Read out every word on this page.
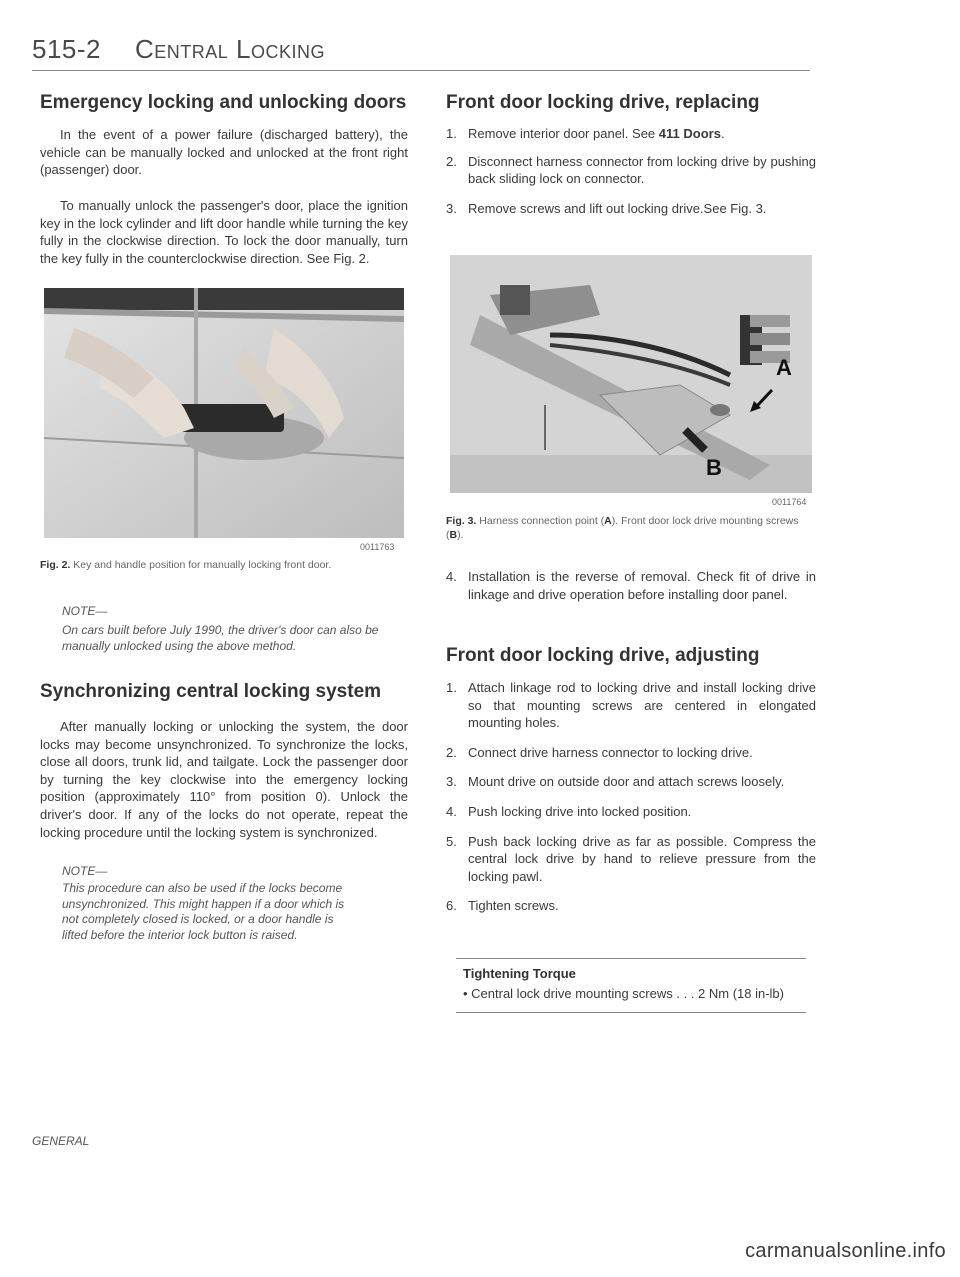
515-2 Central Locking
Emergency locking and unlocking doors
In the event of a power failure (discharged battery), the vehicle can be manually locked and unlocked at the front right (passenger) door.
To manually unlock the passenger's door, place the ignition key in the lock cylinder and lift door handle while turning the key fully in the clockwise direction. To lock the door manually, turn the key fully in the counterclockwise direction. See Fig. 2.
0011763
Fig. 2. Key and handle position for manually locking front door.
NOTE—
On cars built before July 1990, the driver's door can also be manually unlocked using the above method.
Synchronizing central locking system
After manually locking or unlocking the system, the door locks may become unsynchronized. To synchronize the locks, close all doors, trunk lid, and tailgate. Lock the passenger door by turning the key clockwise into the emergency locking position (approximately 110° from position 0). Unlock the driver's door. If any of the locks do not operate, repeat the locking procedure until the locking system is synchronized.
NOTE—
This procedure can also be used if the locks become unsynchronized. This might happen if a door which is not completely closed is locked, or a door handle is lifted before the interior lock button is raised.
GENERAL
Front door locking drive, replacing
1. Remove interior door panel. See 411 Doors.
2. Disconnect harness connector from locking drive by pushing back sliding lock on connector.
3. Remove screws and lift out locking drive.See Fig. 3.
A
B
0011764
Fig. 3. Harness connection point (A). Front door lock drive mounting screws (B).
4. Installation is the reverse of removal. Check fit of drive in linkage and drive operation before installing door panel.
Front door locking drive, adjusting
1. Attach linkage rod to locking drive and install locking drive so that mounting screws are centered in elongated mounting holes.
2. Connect drive harness connector to locking drive.
3. Mount drive on outside door and attach screws loosely.
4. Push locking drive into locked position.
5. Push back locking drive as far as possible. Compress the central lock drive by hand to relieve pressure from the locking pawl.
6. Tighten screws.
Tightening Torque
• Central lock drive mounting screws . . . 2 Nm (18 in-lb)
carmanualsonline.info
